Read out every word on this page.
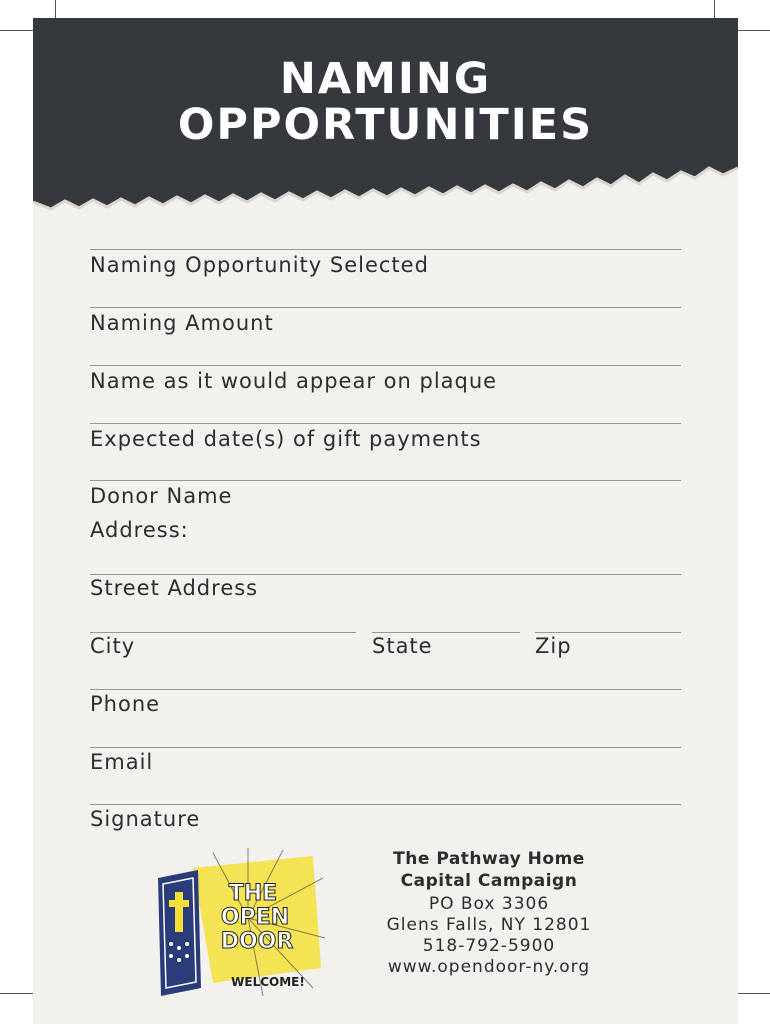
NAMING
OPPORTUNITIES
Naming Opportunity Selected
Naming Amount
Name as it would appear on plaque
Expected date(s) of gift payments
Donor Name
Address:
Street Address
City	State	Zip
Phone
Email
Signature
THE
OPEN
DOOR
WELCOME!
The Pathway Home
Capital Campaign
PO Box 3306
Glens Falls, NY 12801
518-792-5900
www.opendoor-ny.org
